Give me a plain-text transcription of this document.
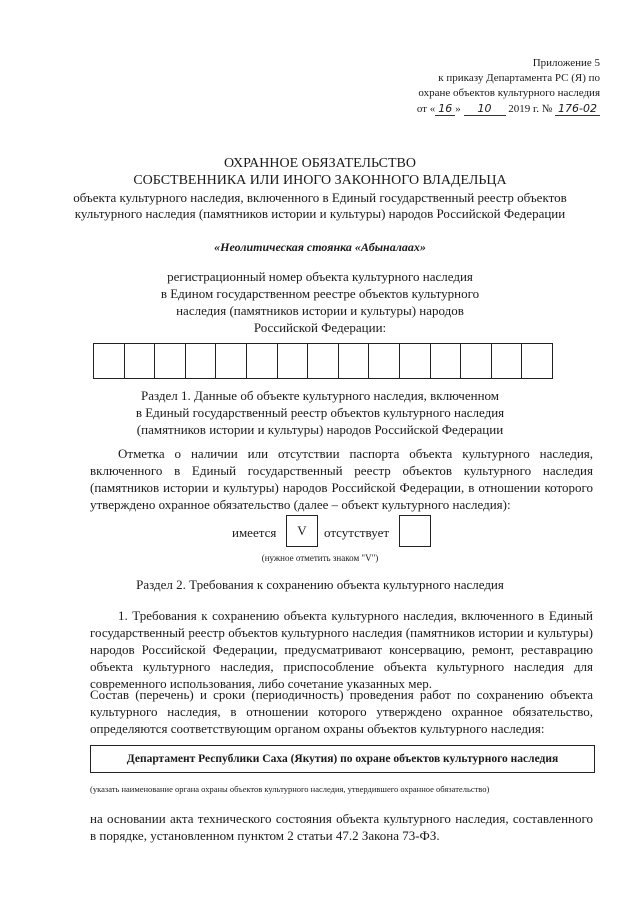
Приложение 5
к приказу Департамента РС (Я) по
охране объектов культурного наследия
от « 16 » 10 2019 г. № 176-02
ОХРАННОЕ ОБЯЗАТЕЛЬСТВО
СОБСТВЕННИКА ИЛИ ИНОГО ЗАКОННОГО ВЛАДЕЛЬЦА
объекта культурного наследия, включенного в Единый государственный реестр объектов
культурного наследия (памятников истории и культуры) народов Российской Федерации
«Неолитическая стоянка «Абыналаах»
регистрационный номер объекта культурного наследия
в Едином государственном реестре объектов культурного
наследия (памятников истории и культуры) народов
Российской Федерации:
Раздел 1. Данные об объекте культурного наследия, включенном
в Единый государственный реестр объектов культурного наследия
(памятников истории и культуры) народов Российской Федерации
Отметка о наличии или отсутствии паспорта объекта культурного наследия, включенного в Единый государственный реестр объектов культурного наследия (памятников истории и культуры) народов Российской Федерации, в отношении которого утверждено охранное обязательство (далее – объект культурного наследия):
имеется	V	отсутствует
(нужное отметить знаком "V")
Раздел 2. Требования к сохранению объекта культурного наследия
1. Требования к сохранению объекта культурного наследия, включенного в Единый государственный реестр объектов культурного наследия (памятников истории и культуры) народов Российской Федерации, предусматривают консервацию, ремонт, реставрацию объекта культурного наследия, приспособление объекта культурного наследия для современного использования, либо сочетание указанных мер.
Состав (перечень) и сроки (периодичность) проведения работ по сохранению объекта культурного наследия, в отношении которого утверждено охранное обязательство, определяются соответствующим органом охраны объектов культурного наследия:
Департамент Республики Саха (Якутия) по охране объектов культурного наследия
(указать наименование органа охраны объектов культурного наследия, утвердившего охранное обязательство)
на основании акта технического состояния объекта культурного наследия, составленного в порядке, установленном пунктом 2 статьи 47.2 Закона 73-ФЗ.
